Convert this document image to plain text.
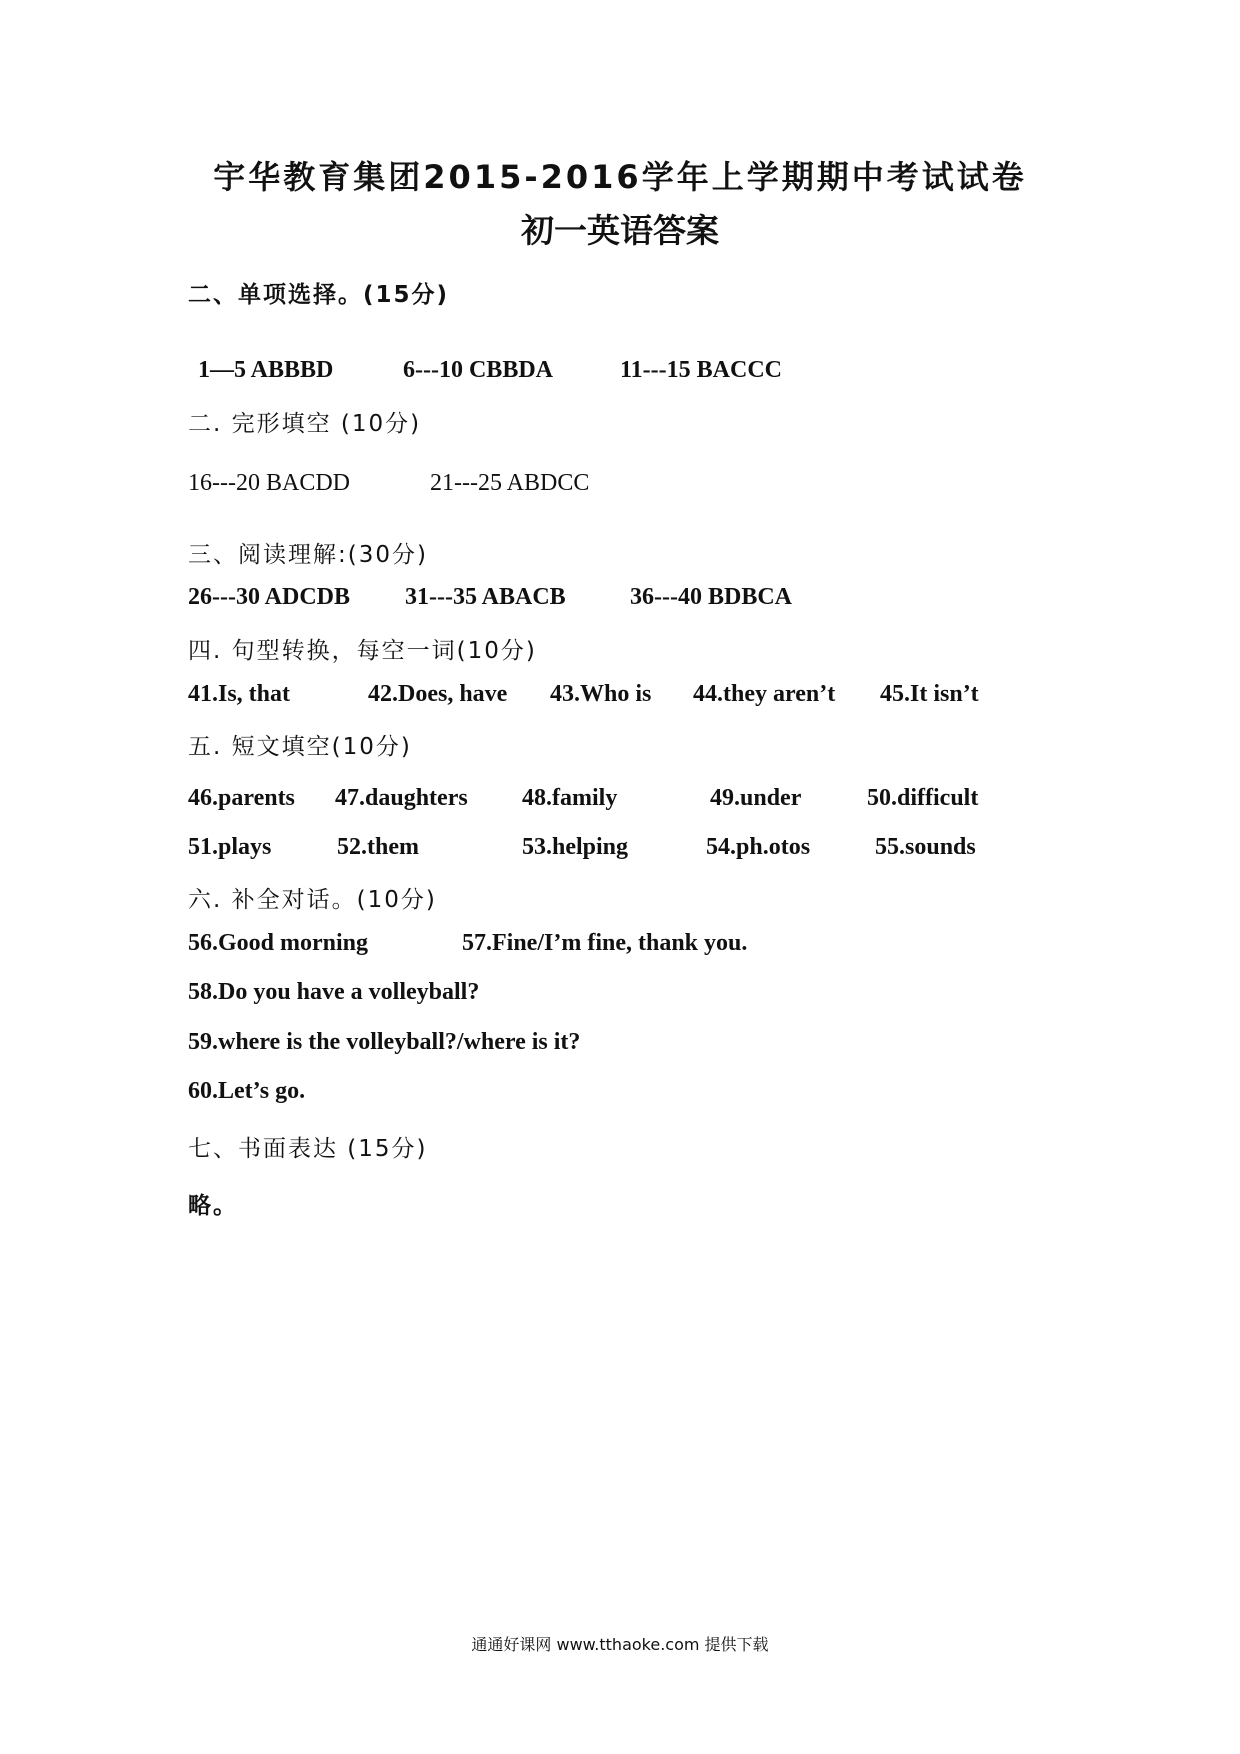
宇华教育集团2015-2016学年上学期期中考试试卷
初一英语答案
二、单项选择。(15分)
1—5 ABBBD	6---10 CBBDA	11---15 BACCC
二. 完形填空 (10分)
16---20 BACDD	21---25 ABDCC
三、阅读理解:(30分)
26---30 ADCDB 31---35 ABACB	36---40 BDBCA
四. 句型转换，每空一词(10分)
41.Is, that	42.Does, have 43.Who is 44.they aren’t 45.It isn’t
五. 短文填空(10分)
46.parents 47.daughters 48.family	49.under	50.difficult
51.plays	52.them	53.helping	54.ph.otos	55.sounds
六. 补全对话。(10分)
56.Good morning	57.Fine/I’m fine, thank you.
58.Do you have a volleyball?
59.where is the volleyball?/where is it?
60.Let’s go.
七、书面表达 (15分)
略。
通通好课网 www.tthaoke.com 提供下载
